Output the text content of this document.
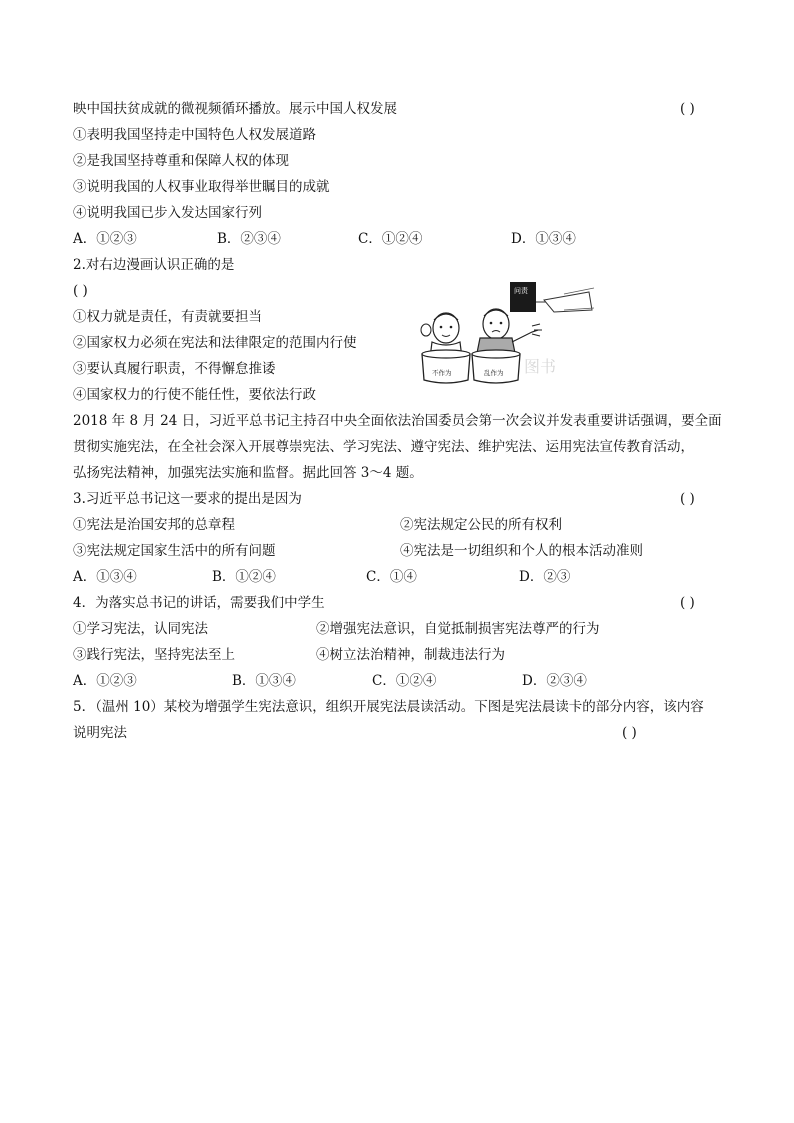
映中国扶贫成就的微视频循环播放。展示中国人权发展	( )
①表明我国坚持走中国特色人权发展道路
②是我国坚持尊重和保障人权的体现
③说明我国的人权事业取得举世瞩目的成就
④说明我国已步入发达国家行列
A．①②③	B．②③④	C．①②④	D．①③④
2.对右边漫画认识正确的是
( )
①权力就是责任，有责就要担当
②国家权力必须在宪法和法律限定的范围内行使
③要认真履行职责，不得懈怠推诿
④国家权力的行使不能任性，要依法行政
图书
问责
不作为	乱作为
2018 年 8 月 24 日，习近平总书记主持召中央全面依法治国委员会第一次会议并发表重要讲话强调，要全面
贯彻实施宪法，在全社会深入开展尊崇宪法、学习宪法、遵守宪法、维护宪法、运用宪法宣传教育活动，
弘扬宪法精神，加强宪法实施和监督。据此回答 3～4 题。
3.习近平总书记这一要求的提出是因为	( )
①宪法是治国安邦的总章程	②宪法规定公民的所有权利
③宪法规定国家生活中的所有问题	④宪法是一切组织和个人的根本活动准则
A．①③④	B．①②④	C．①④	D．②③
4．为落实总书记的讲话，需要我们中学生	( )
①学习宪法，认同宪法	②增强宪法意识，自觉抵制损害宪法尊严的行为
③践行宪法，坚持宪法至上	④树立法治精神，制裁违法行为
A．①②③	B．①③④	C．①②④	D．②③④
5．（温州 10）某校为增强学生宪法意识，组织开展宪法晨读活动。下图是宪法晨读卡的部分内容，该内容
说明宪法	( )
